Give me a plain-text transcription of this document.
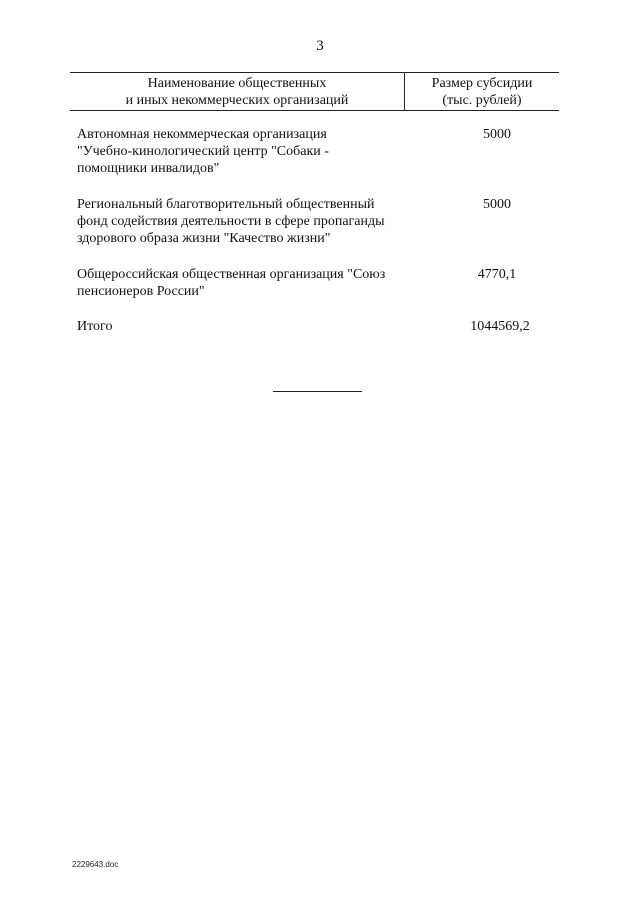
3
Наименование общественных
и иных некоммерческих организаций
Размер субсидии
(тыс. рублей)
Автономная некоммерческая организация
"Учебно-кинологический центр "Собаки -
помощники инвалидов"
5000
Региональный благотворительный общественный
фонд содействия деятельности в сфере пропаганды
здорового образа жизни "Качество жизни"
5000
Общероссийская общественная организация "Союз
пенсионеров России"
4770,1
Итого	1044569,2
2229643.doc
